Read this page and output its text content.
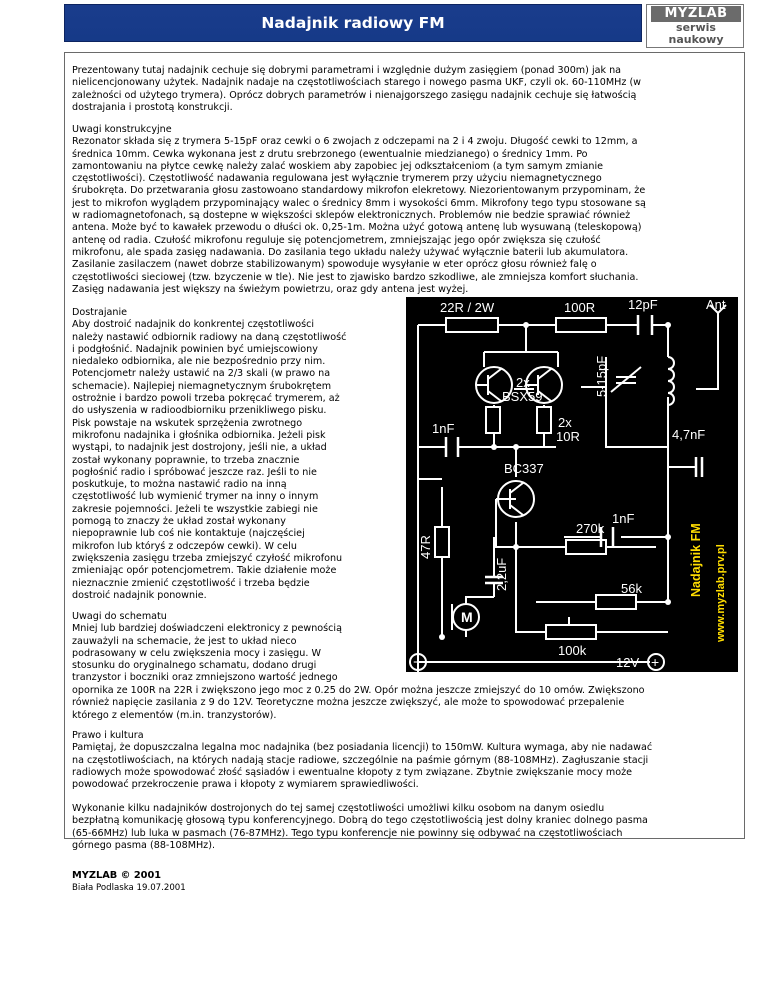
Nadajnik radiowy FM
MYZLAB
serwis
naukowy
Prezentowany tutaj nadajnik cechuje się dobrymi parametrami i względnie dużym zasięgiem (ponad 300m) jak na
nielicencjonowany użytek. Nadajnik nadaje na częstotliwościach starego i nowego pasma UKF, czyli ok. 60-110MHz (w
zależności od użytego trymera). Oprócz dobrych parametrów i nienajgorszego zasięgu nadajnik cechuje się łatwością
dostrajania i prostotą konstrukcji.
Uwagi konstrukcyjne
Rezonator składa się z trymera 5-15pF oraz cewki o 6 zwojach z odczepami na 2 i 4 zwoju. Długość cewki to 12mm, a
średnica 10mm. Cewka wykonana jest z drutu srebrzonego (ewentualnie miedzianego) o średnicy 1mm. Po
zamontowaniu na płytce cewkę należy zalać woskiem aby zapobiec jej odkształceniom (a tym samym zmianie
częstotliwości). Częstotliwość nadawania regulowana jest wyłącznie trymerem przy użyciu niemagnetycznego
śrubokręta. Do przetwarania głosu zastowoano standardowy mikrofon elekretowy. Niezorientowanym przypominam, że
jest to mikrofon wyglądem przypominający walec o średnicy 8mm i wysokości 6mm. Mikrofony tego typu stosowane są
w radiomagnetofonach, są dostepne w większości sklepów elektronicznych. Problemów nie bedzie sprawiać również
antena. Może być to kawałek przewodu o dłuści ok. 0,25-1m. Można użyć gotową antenę lub wysuwaną (teleskopową)
antenę od radia. Czułość mikrofonu reguluje się potencjometrem, zmniejszając jego opór zwiększa się czułość
mikrofonu, ale spada zasięg nadawania. Do zasilania tego układu należy używać wyłącznie baterii lub akumulatora.
Zasilanie zasilaczem (nawet dobrze stabilizowanym) spowoduje wysyłanie w eter oprócz głosu również falę o
częstotliwości sieciowej (tzw. bzyczenie w tle). Nie jest to zjawisko bardzo szkodliwe, ale zmniejsza komfort słuchania.
Zasięg nadawania jest większy na świeżym powietrzu, oraz gdy antena jest wyżej.
Dostrajanie
Aby dostroić nadajnik do konkrentej częstotliwości
należy nastawić odbiornik radiowy na daną częstotliwość
i podgłośnić. Nadajnik powinien być umiejscowiony
niedaleko odbiornika, ale nie bezpośrednio przy nim.
Potencjometr należy ustawić na 2/3 skali (w prawo na
schemacie). Najlepiej niemagnetycznym śrubokrętem
ostrożnie i bardzo powoli trzeba pokręcać trymerem, aż
do usłyszenia w radioodbiorniku przenikliwego pisku.
Pisk powstaje na wskutek sprzężenia zwrotnego
mikrofonu nadajnika i głośnika odbiornika. Jeżeli pisk
wystąpi, to nadajnik jest dostrojony, jeśli nie, a układ
został wykonany poprawnie, to trzeba znacznie
pogłośnić radio i spróbować jeszcze raz. Jeśli to nie
poskutkuje, to można nastawić radio na inną
częstotliwość lub wymienić trymer na inny o innym
zakresie pojemności. Jeżeli te wszystkie zabiegi nie
pomogą to znaczy że układ został wykonany
niepoprawnie lub coś nie kontaktuje (najczęściej
mikrofon lub któryś z odczepów cewki). W celu
zwiększenia zasięgu trzeba zmiejszyć czyłość mikrofonu
zmieniając opór potencjometrem. Takie działenie może
nieznacznie zmienić częstotliwość i trzeba będzie
dostroić nadajnik ponownie.
Uwagi do schematu
Mniej lub bardziej doświadczeni elektronicy z pewnością
zauważyli na schemacie, że jest to układ nieco
podrasowany w celu zwiększenia mocy i zasięgu. W
stosunku do oryginalnego schamatu, dodano drugi
tranzystor i boczniki oraz zmniejszono wartość jednego
opornika ze 100R na 22R i zwiększono jego moc z 0.25 do 2W. Opór można jeszcze zmiejszyć do 10 omów. Zwiększono
również napięcie zasilania z 9 do 12V. Teoretyczne można jeszcze zwiększyć, ale może to spowodować przepalenie
którego z elementów (m.in. tranzystorów).
Prawo i kultura
Pamiętaj, że dopuszczalna legalna moc nadajnika (bez posiadania licencji) to 150mW. Kultura wymaga, aby nie nadawać
na częstotliwościach, na których nadają stacje radiowe, szczególnie na paśmie górnym (88-108MHz). Zagłuszanie stacji
radiowych może spowodować złość sąsiadów i ewentualne kłopoty z tym związane. Zbytnie zwiększanie mocy może
powodować przekroczenie prawa i kłopoty z wymiarem sprawiedliwości.
Wykonanie kilku nadajników dostrojonych do tej samej częstotliwości umożliwi kilku osobom na danym osiedlu
bezpłatną komunikację głosową typu konferencyjnego. Dobrą do tego częstotliwością jest dolny kraniec dolnego pasma
(65-66MHz) lub luka w pasmach (76-87MHz). Tego typu konferencje nie powinny się odbywać na częstotliwościach
górnego pasma (88-108MHz).
MYZLAB © 2001
Biała Podlaska 19.07.2001
M
22R / 2W	100R	12pF	Ant
2x
BSX59
2x
10R
1nF	4,7nF
BC337
270k
1nF
56k
100k
−	12V +
5-15pF
47R
2,2uF	Nadajnik FM www.myzlab.prv.pl
